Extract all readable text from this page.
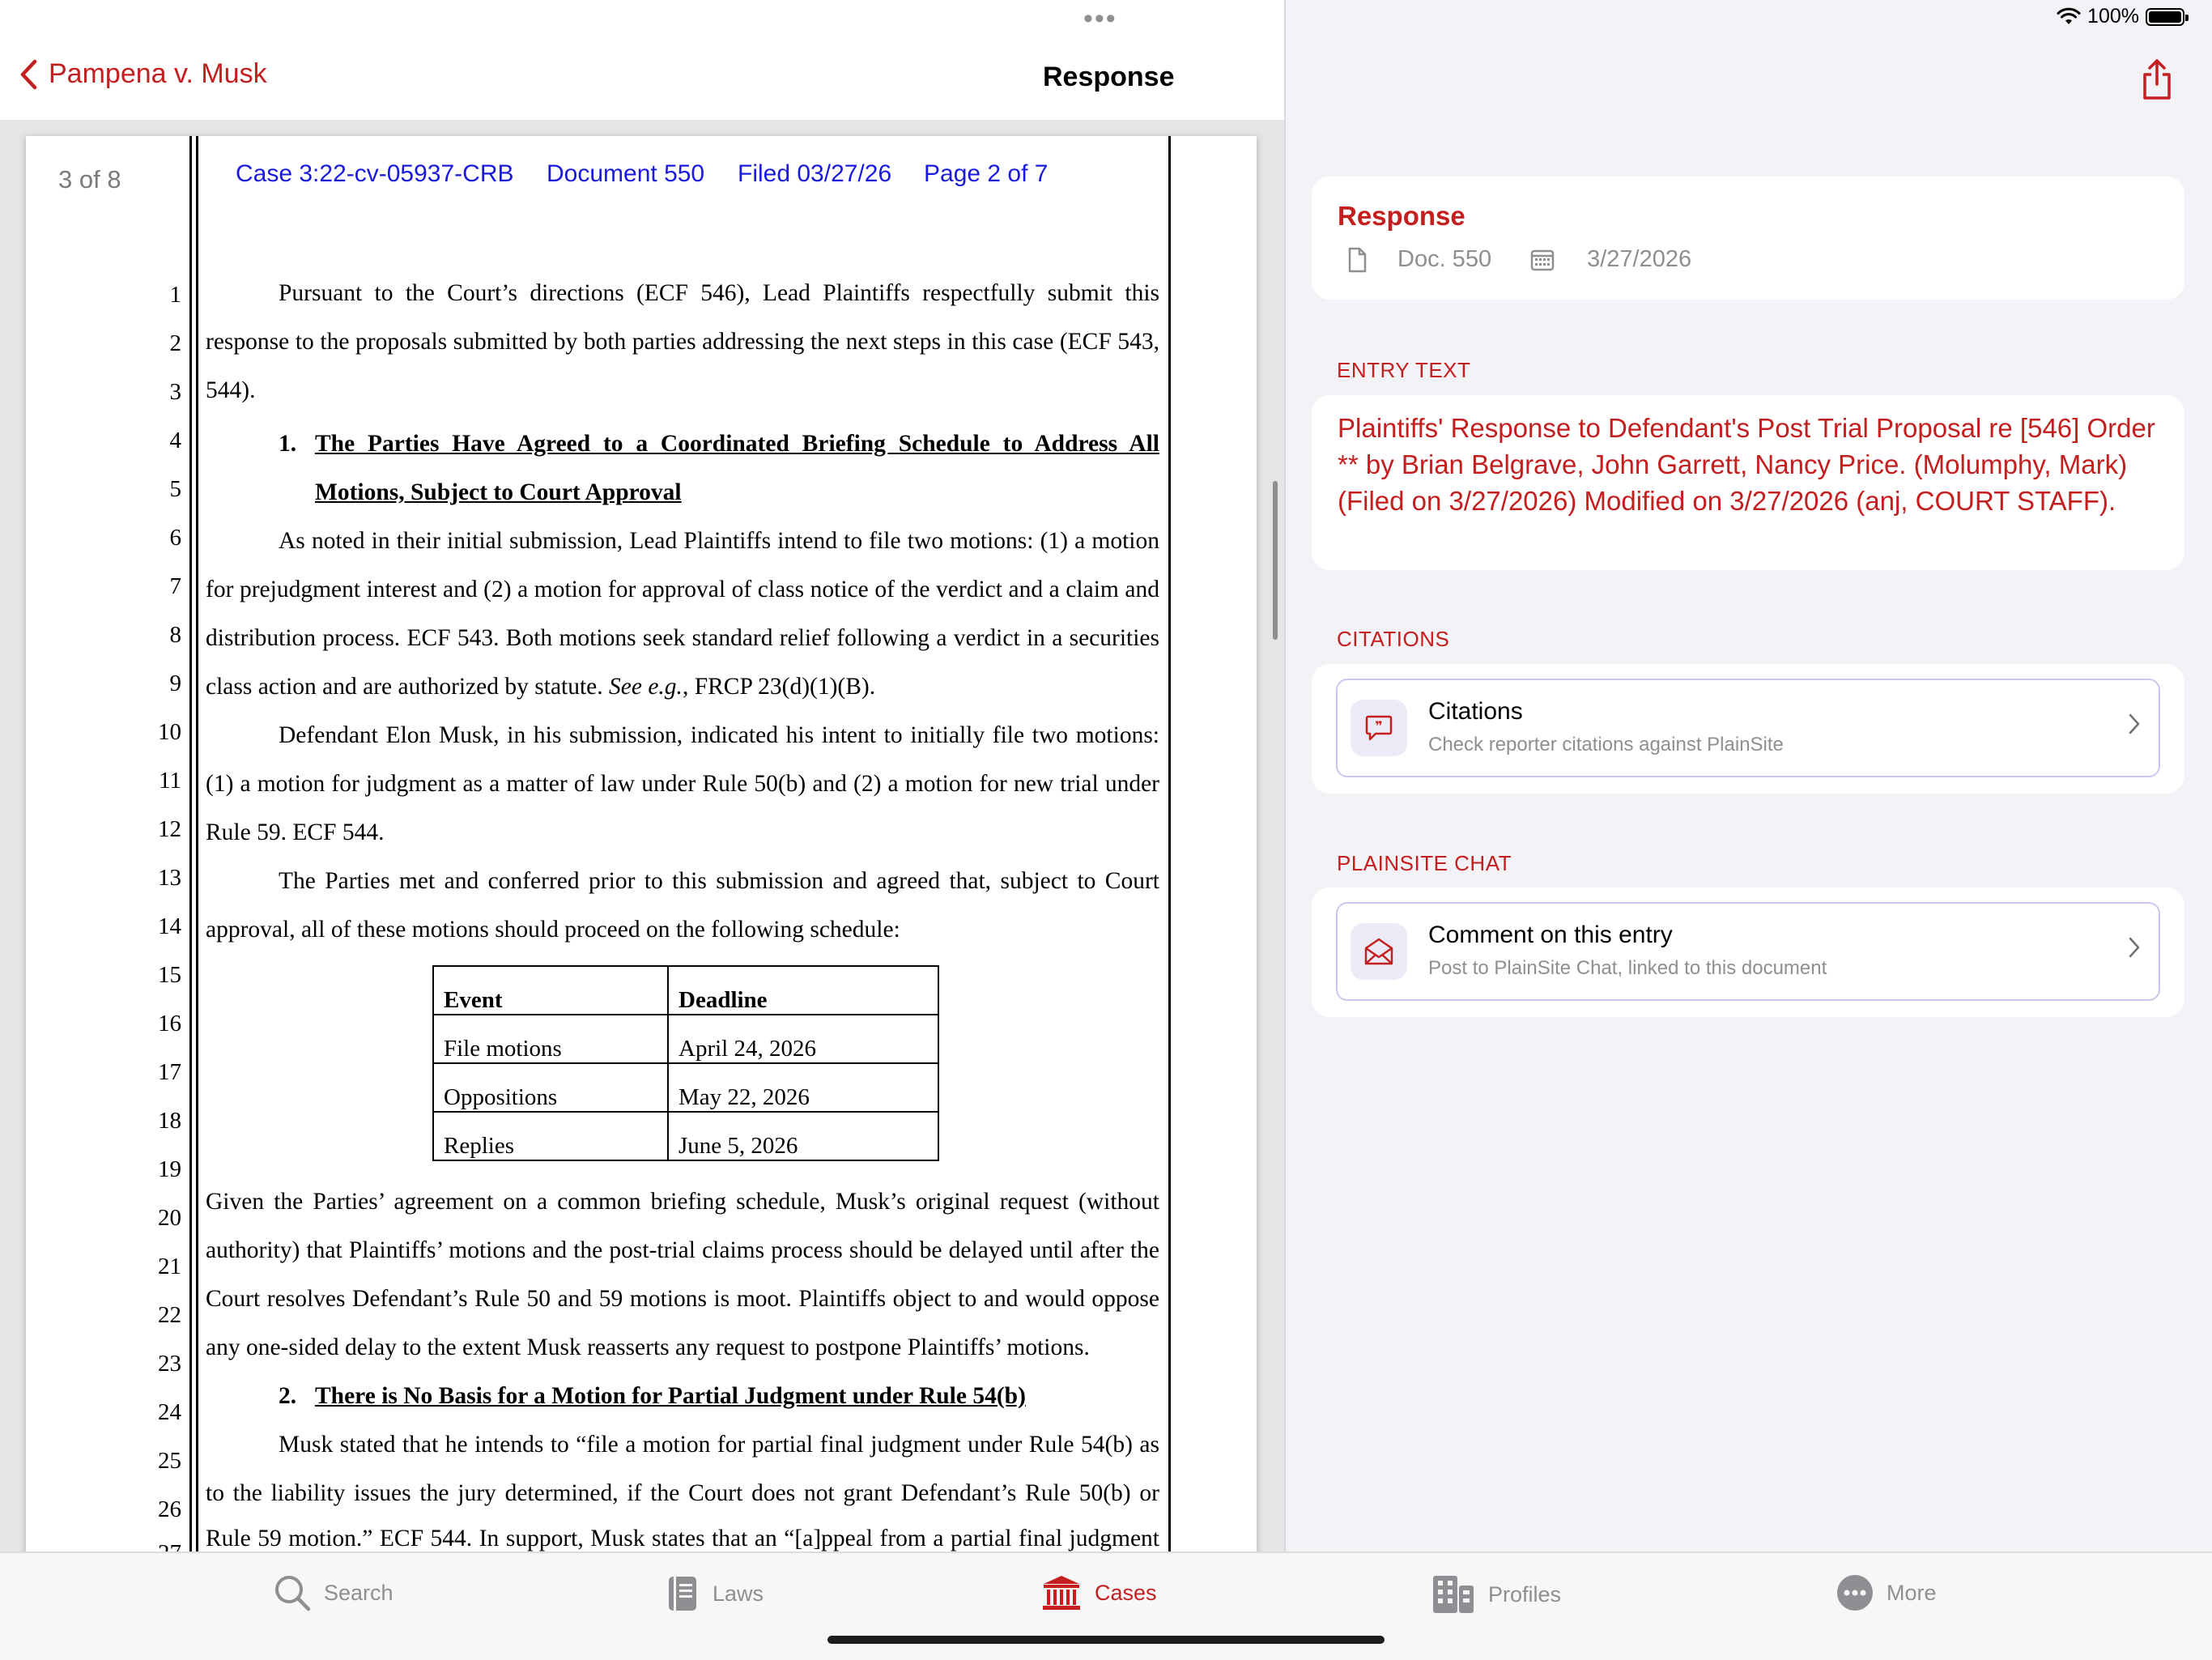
•••
Pampena v. Musk	Response
3 of 8	Case 3:22-cv-05937-CRB Document 550 Filed 03/27/26 Page 2 of 7
1
2
3
4
5
6
7
8
9
10
11
12
13
14
15
16
17
18
19
20
21
22
23
24
25
26
Pursuant to the Court’s directions (ECF 546), Lead Plaintiffs respectfully submit this
response to the proposals submitted by both parties addressing the next steps in this case (ECF 543,
544).
1. The Parties Have Agreed to a Coordinated Briefing Schedule to Address All
Motions, Subject to Court Approval
As noted in their initial submission, Lead Plaintiffs intend to file two motions: (1) a motion
for prejudgment interest and (2) a motion for approval of class notice of the verdict and a claim and
distribution process. ECF 543. Both motions seek standard relief following a verdict in a securities
class action and are authorized by statute. See e.g., FRCP 23(d)(1)(B).
Defendant Elon Musk, in his submission, indicated his intent to initially file two motions:
(1) a motion for judgment as a matter of law under Rule 50(b) and (2) a motion for new trial under
Rule 59. ECF 544.
The Parties met and conferred prior to this submission and agreed that, subject to Court
approval, all of these motions should proceed on the following schedule:
Event	Deadline
File motions	April 24, 2026
Oppositions	May 22, 2026
Replies	June 5, 2026
Given the Parties’ agreement on a common briefing schedule, Musk’s original request (without
authority) that Plaintiffs’ motions and the post-trial claims process should be delayed until after the
Court resolves Defendant’s Rule 50 and 59 motions is moot. Plaintiffs object to and would oppose
any one-sided delay to the extent Musk reasserts any request to postpone Plaintiffs’ motions.
2. There is No Basis for a Motion for Partial Judgment under Rule 54(b)
Musk stated that he intends to “file a motion for partial final judgment under Rule 54(b) as
to the liability issues the jury determined, if the Court does not grant Defendant’s Rule 50(b) or
Rule 59 motion.” ECF 544. In support, Musk states that an “[a]ppeal from a partial final judgment
100%
Response
Doc. 550	3/27/2026
ENTRY TEXT
Plaintiffs' Response to Defendant's Post Trial Proposal re [546] Order ** by Brian Belgrave, John Garrett, Nancy Price. (Molumphy, Mark) (Filed on 3/27/2026) Modified on 3/27/2026 (anj, COURT STAFF).
CITATIONS
❞
Citations
Check reporter citations against PlainSite
PLAINSITE CHAT
Comment on this entry
Post to PlainSite Chat, linked to this document
Search	Laws	Cases	Profiles	More
